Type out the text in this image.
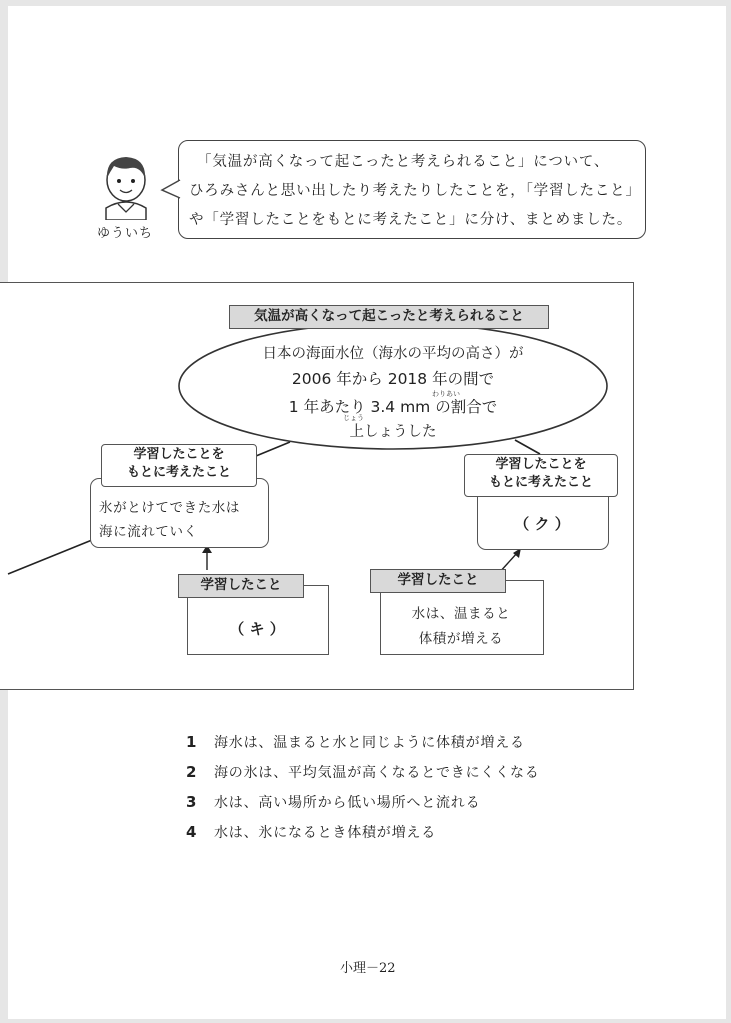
ゆういち
「気温が高くなって起こったと考えられること」について、
ひろみさんと思い出したり考えたりしたことを，「学習したこと」
や「学習したことをもとに考えたこと」に分け、まとめました。
気温が高くなって起こったと考えられること
日本の海面水位（海水の平均の高さ）が
2006 年から 2018 年の間で
1 年あたり 3.4 mm の割合で
上しょうした
わりあい
じょう
学習したことを
もとに考えたこと
氷がとけてできた水は
海に流れていく
学習したことを
もとに考えたこと
（ ク ）
学習したこと
（ キ ）
学習したこと
水は、温まると
体積が増える
1 海水は、温まると水と同じように体積が増える
2 海の氷は、平均気温が高くなるとできにくくなる
3 水は、高い場所から低い場所へと流れる
4 水は、氷になるとき体積が増える
小理－22
